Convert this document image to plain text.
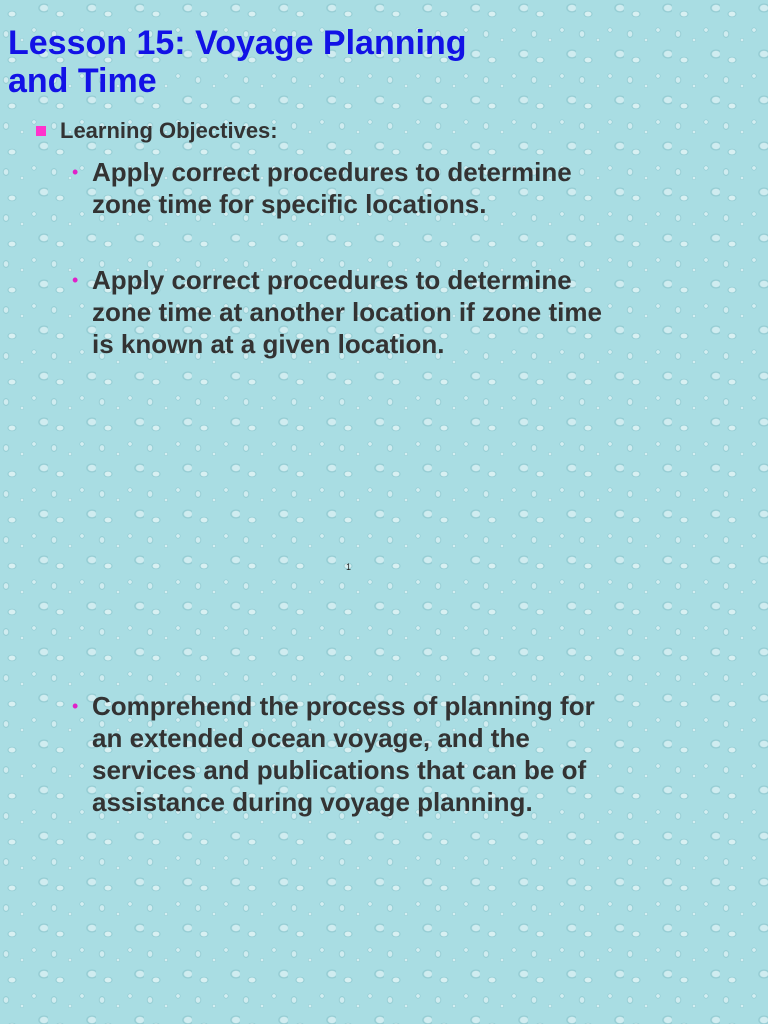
Lesson 15: Voyage Planning
and Time
Learning Objectives:
• Apply correct procedures to determine zone time for specific locations.
• Apply correct procedures to determine zone time at another location if zone time is known at a given location.
1
• Comprehend the process of planning for an extended ocean voyage, and the services and publications that can be of assistance during voyage planning.
